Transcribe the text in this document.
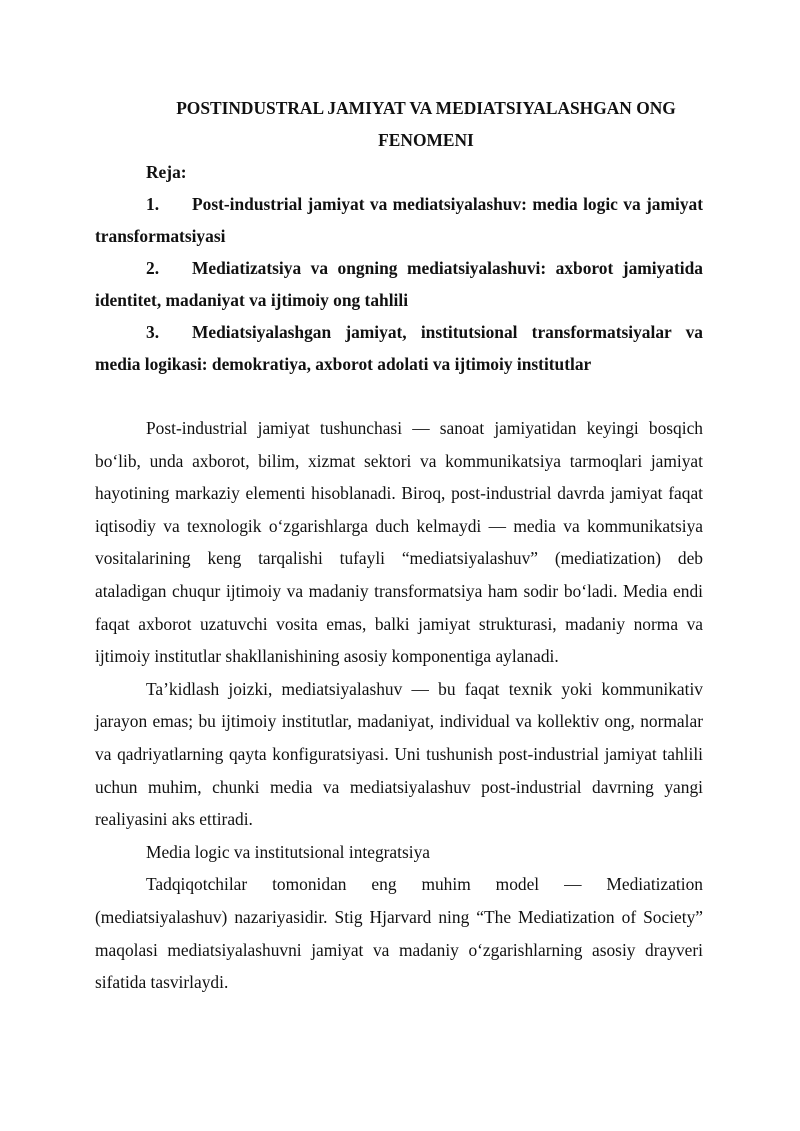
POSTINDUSTRAL JAMIYAT VA MEDIATSIYALASHGAN ONG FENOMENI

Reja:

1. Post-industrial jamiyat va mediatsiyalashuv: media logic va jamiyat transformatsiyasi

2. Mediatizatsiya va ongning mediatsiyalashuvi: axborot jamiyatida identitet, madaniyat va ijtimoiy ong tahlili

3. Mediatsiyalashgan jamiyat, institutsional transformatsiyalar va media logikasi: demokratiya, axborot adolati va ijtimoiy institutlar

Post-industrial jamiyat tushunchasi — sanoat jamiyatidan keyingi bosqich bo‘lib, unda axborot, bilim, xizmat sektori va kommunikatsiya tarmoqlari jamiyat hayotining markaziy elementi hisoblanadi. Biroq, post-industrial davrda jamiyat faqat iqtisodiy va texnologik o‘zgarishlarga duch kelmaydi — media va kommunikatsiya vositalarining keng tarqalishi tufayli “mediatsiyalashuv” (mediatization) deb ataladigan chuqur ijtimoiy va madaniy transformatsiya ham sodir bo‘ladi. Media endi faqat axborot uzatuvchi vosita emas, balki jamiyat strukturasi, madaniy norma va ijtimoiy institutlar shakllanishining asosiy komponentiga aylanadi.

Ta’kidlash joizki, mediatsiyalashuv — bu faqat texnik yoki kommunikativ jarayon emas; bu ijtimoiy institutlar, madaniyat, individual va kollektiv ong, normalar va qadriyatlarning qayta konfiguratsiyasi. Uni tushunish post-industrial jamiyat tahlili uchun muhim, chunki media va mediatsiyalashuv post-industrial davrning yangi realiyasini aks ettiradi.

Media logic va institutsional integratsiya

Tadqiqotchilar tomonidan eng muhim model — Mediatization (mediatsiyalashuv) nazariyasidir. Stig Hjarvard ning “The Mediatization of Society” maqolasi mediatsiyalashuvni jamiyat va madaniy o‘zgarishlarning asosiy drayveri sifatida tasvirlaydi.
